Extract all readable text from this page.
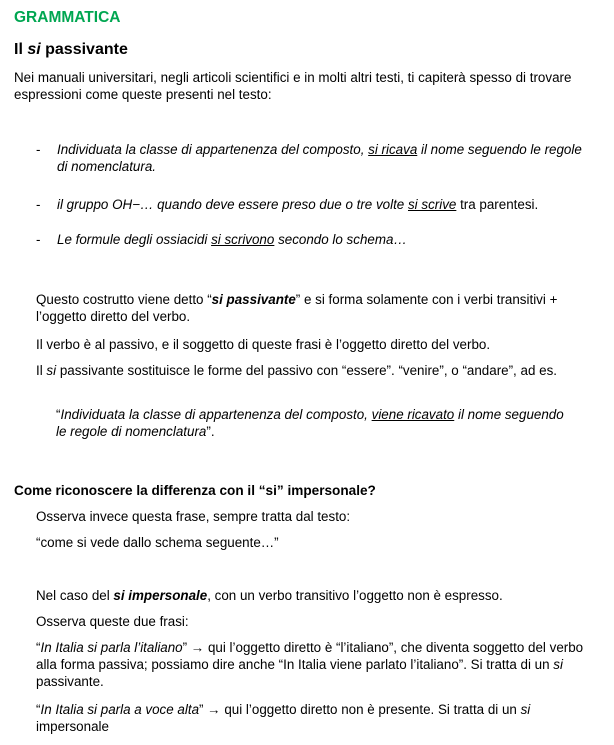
GRAMMATICA
Il si passivante

Nei manuali universitari, negli articoli scientifici e in molti altri testi, ti capiterà spesso di trovare espressioni come queste presenti nel testo:

- Individuata la classe di appartenenza del composto, si ricava il nome seguendo le regole di nomenclatura.
- il gruppo OH−… quando deve essere preso due o tre volte si scrive tra parentesi.
- Le formule degli ossiacidi si scrivono secondo lo schema…

Questo costrutto viene detto “si passivante” e si forma solamente con i verbi transitivi + l’oggetto diretto del verbo.

Il verbo è al passivo, e il soggetto di queste frasi è l’oggetto diretto del verbo.

Il si passivante sostituisce le forme del passivo con “essere”. “venire”, o “andare”, ad es.

“Individuata la classe di appartenenza del composto, viene ricavato il nome seguendo le regole di nomenclatura”.

Come riconoscere la differenza con il “si” impersonale?

Osserva invece questa frase, sempre tratta dal testo:

“come si vede dallo schema seguente…”

Nel caso del si impersonale, con un verbo transitivo l’oggetto non è espresso.

Osserva queste due frasi:

“In Italia si parla l’italiano” → qui l’oggetto diretto è “l’italiano”, che diventa soggetto del verbo alla forma passiva; possiamo dire anche “In Italia viene parlato l’italiano”. Si tratta di un si passivante.

“In Italia si parla a voce alta” → qui l’oggetto diretto non è presente. Si tratta di un si impersonale
